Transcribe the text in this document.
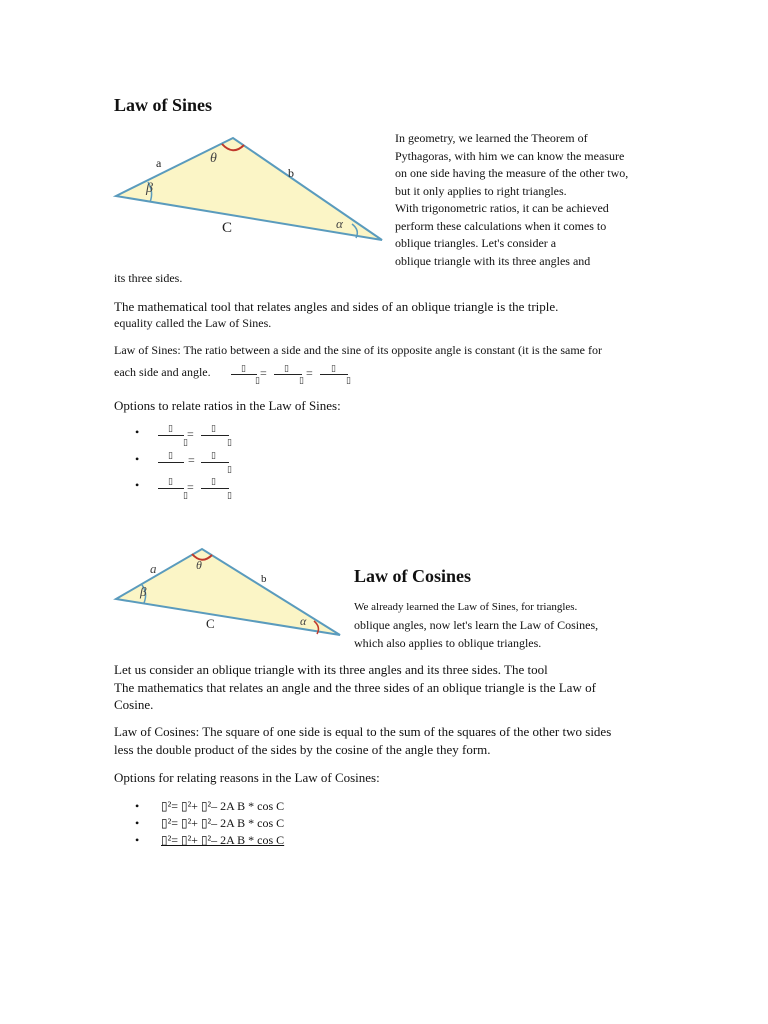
Law of Sines
a
b
C
θ
β
α
In geometry, we learned the Theorem of
Pythagoras, with him we can know the measure
on one side having the measure of the other two,
but it only applies to right triangles.
With trigonometric ratios, it can be achieved
perform these calculations when it comes to
oblique triangles. Let's consider a
oblique triangle with its three angles and
its three sides.
The mathematical tool that relates angles and sides of an oblique triangle is the triple.
equality called the Law of Sines.
Law of Sines: The ratio between a side and the sine of its opposite angle is constant (it is the same for
each side and angle.	▯
▯ = ▯
▯ = ▯
▯
Options to relate ratios in the Law of Sines:
•	▯
▯
= ▯
▯
•	▯ = ▯
▯
•	▯
▯
= ▯
▯
a
b
C
θ
β
α
Law of Cosines
We already learned the Law of Sines, for triangles.
oblique angles, now let's learn the Law of Cosines,
which also applies to oblique triangles.
Let us consider an oblique triangle with its three angles and its three sides. The tool
The mathematics that relates an angle and the three sides of an oblique triangle is the Law of
Cosine.
Law of Cosines: The square of one side is equal to the sum of the squares of the other two sides
less the double product of the sides by the cosine of the angle they form.
Options for relating reasons in the Law of Cosines:
• ▯²= ▯²+ ▯²– 2A B * cos C
• ▯²= ▯²+ ▯²– 2A B * cos C
• ▯²= ▯²+ ▯²– 2A B * cos C
